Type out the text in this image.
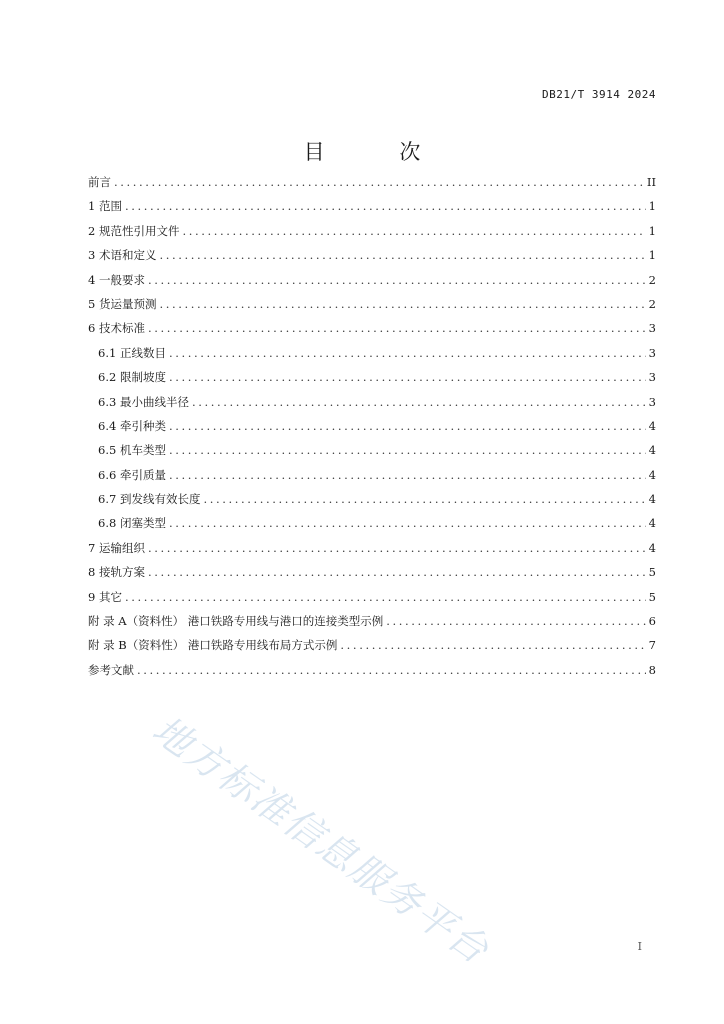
DB21/T 3914 2024
目 次
前言 .....	II
1 范围 .....	1
2 规范性引用文件 .....	1
3 术语和定义 .....	1
4 一般要求 .....	2
5 货运量预测 .....	2
6 技术标准 .....	3
6.1 正线数目 .....	3
6.2 限制坡度 .....	3
6.3 最小曲线半径 .....	3
6.4 牵引种类 .....	4
6.5 机车类型 .....	4
6.6 牵引质量 .....	4
6.7 到发线有效长度 .....	4
6.8 闭塞类型 .....	4
7 运输组织 .....	4
8 接轨方案 .....	5
9 其它 .....	5
附 录 A（资料性） 港口铁路专用线与港口的连接类型示例 .....	6
附 录 B（资料性） 港口铁路专用线布局方式示例 .....	7
参考文献 .....	8
地方标准信息服务平台	I
